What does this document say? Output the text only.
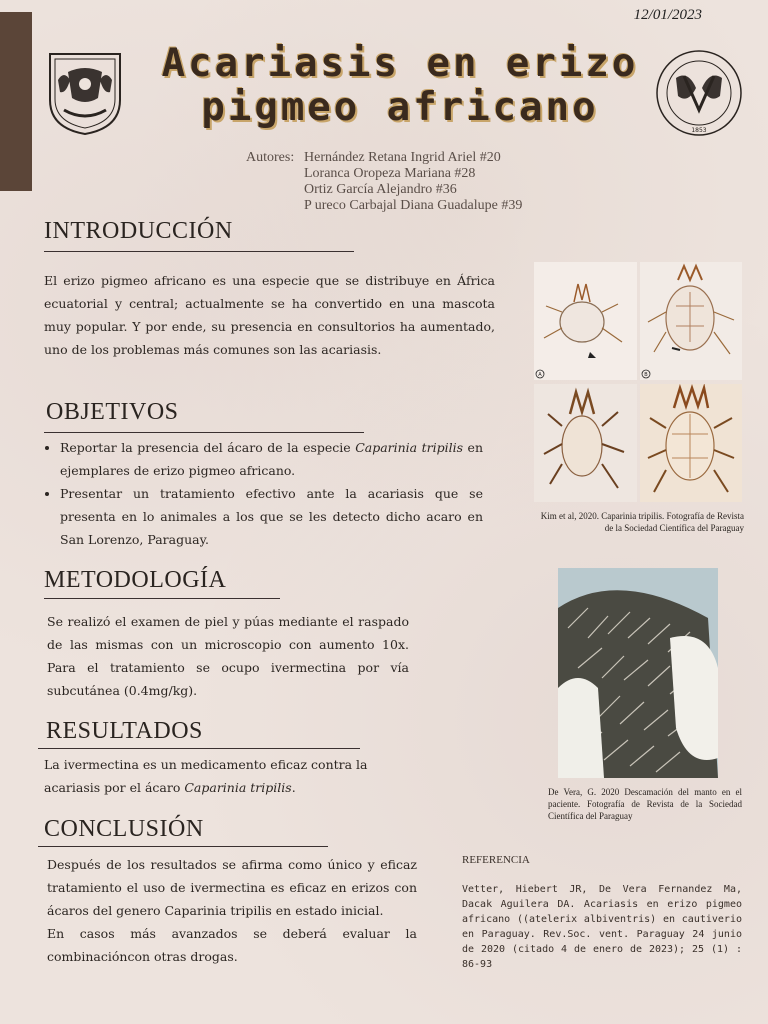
12/01/2023
1853
Acariasis en erizo pigmeo africano
Autores: Hernández Retana Ingrid Ariel #20
Loranca Oropeza Mariana #28
Ortiz García Alejandro #36
P ureco Carbajal Diana Guadalupe #39
INTRODUCCIÓN
El erizo pigmeo africano es una especie que se distribuye en África ecuatorial y central; actualmente se ha convertido en una mascota muy popular. Y por ende, su presencia en consultorios ha aumentado, uno de los problemas más comunes son las acariasis.
OBJETIVOS
• Reportar la presencia del ácaro de la especie Caparinia tripilis en ejemplares de erizo pigmeo africano.
• Presentar un tratamiento efectivo ante la acariasis que se presenta en lo animales a los que se les detecto dicho acaro en San Lorenzo, Paraguay.
METODOLOGÍA
Se realizó el examen de piel y púas mediante el raspado de las mismas con un microscopio con aumento 10x. Para el tratamiento se ocupo ivermectina por vía subcutánea (0.4mg/kg).
RESULTADOS
La ivermectina es un medicamento eficaz contra la acariasis por el ácaro Caparinia tripilis.
CONCLUSIÓN
Después de los resultados se afirma como único y eficaz tratamiento el uso de ivermectina es eficaz en erizos con ácaros del genero Caparinia tripilis en estado inicial.
En casos más avanzados se deberá evaluar la combinacióncon otras drogas.
A	B
Kim et al, 2020. Caparinia tripilis. Fotografía de Revista de la Sociedad Científica del Paraguay
De Vera, G. 2020 Descamación del manto en el paciente. Fotografía de Revista de la Sociedad Científica del Paraguay
REFERENCIA
Vetter, Hiebert JR, De Vera Fernandez Ma, Dacak Aguilera DA. Acariasis en erizo pigmeo africano ((atelerix albiventris) en cautiverio en Paraguay. Rev.Soc. vent. Paraguay 24 junio de 2020 (citado 4 de enero de 2023); 25 (1) : 86-93
